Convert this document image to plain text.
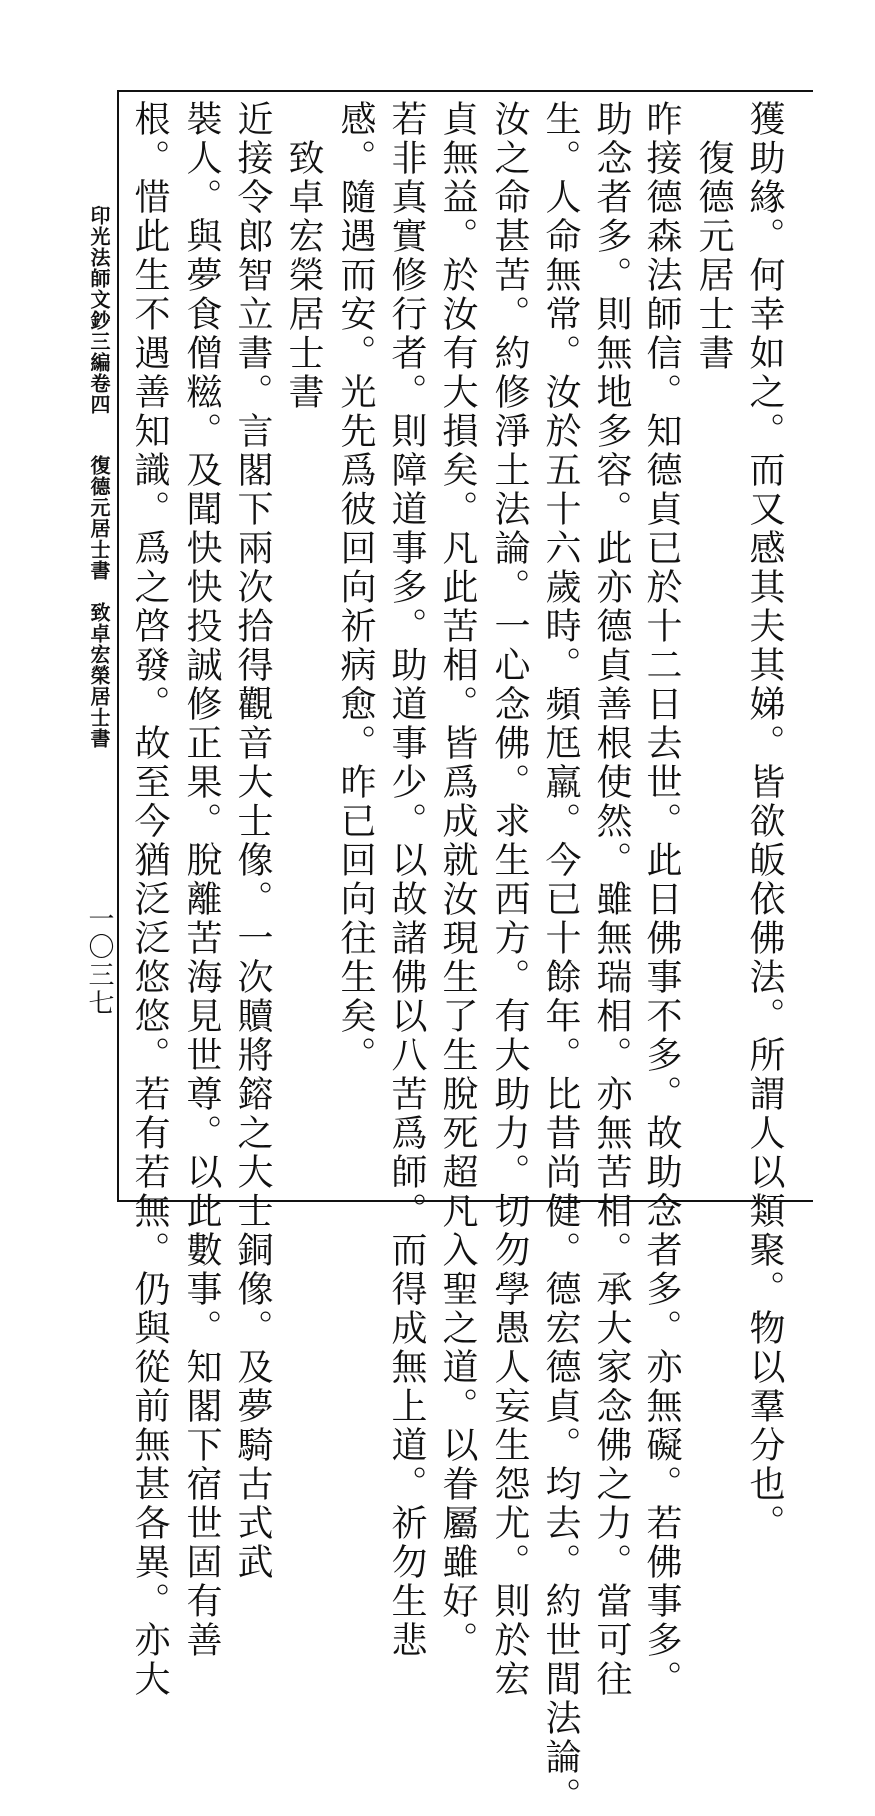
獲助緣。何幸如之。而又感其夫其娣。皆欲皈依佛法。所謂人以類聚。物以羣分也。
　復德元居士書
昨接德森法師信。知德貞已於十二日去世。此日佛事不多。故助念者多。亦無礙。若佛事多。
助念者多。則無地多容。此亦德貞善根使然。雖無瑞相。亦無苦相。承大家念佛之力。當可往
生。人命無常。汝於五十六歲時。頻尪羸。今已十餘年。比昔尚健。德宏德貞。均去。約世間法論。
汝之命甚苦。約修淨土法論。一心念佛。求生西方。有大助力。切勿學愚人妄生怨尤。則於宏
貞無益。於汝有大損矣。凡此苦相。皆爲成就汝現生了生脫死超凡入聖之道。以眷屬雖好。
若非真實修行者。則障道事多。助道事少。以故諸佛以八苦爲師。而得成無上道。祈勿生悲
感。隨遇而安。光先爲彼回向祈病愈。昨已回向往生矣。
　致卓宏榮居士書
近接令郎智立書。言閣下兩次拾得觀音大士像。一次贖將鎔之大士銅像。及夢騎古式武
裝人。與夢食僧糍。及聞快快投誠修正果。脫離苦海見世尊。以此數事。知閣下宿世固有善
根。惜此生不遇善知識。爲之啓發。故至今猶泛泛悠悠。若有若無。仍與從前無甚各異。亦大
印光法師文鈔三編卷四
復德元居士書　致卓宏榮居士書
一〇三七
